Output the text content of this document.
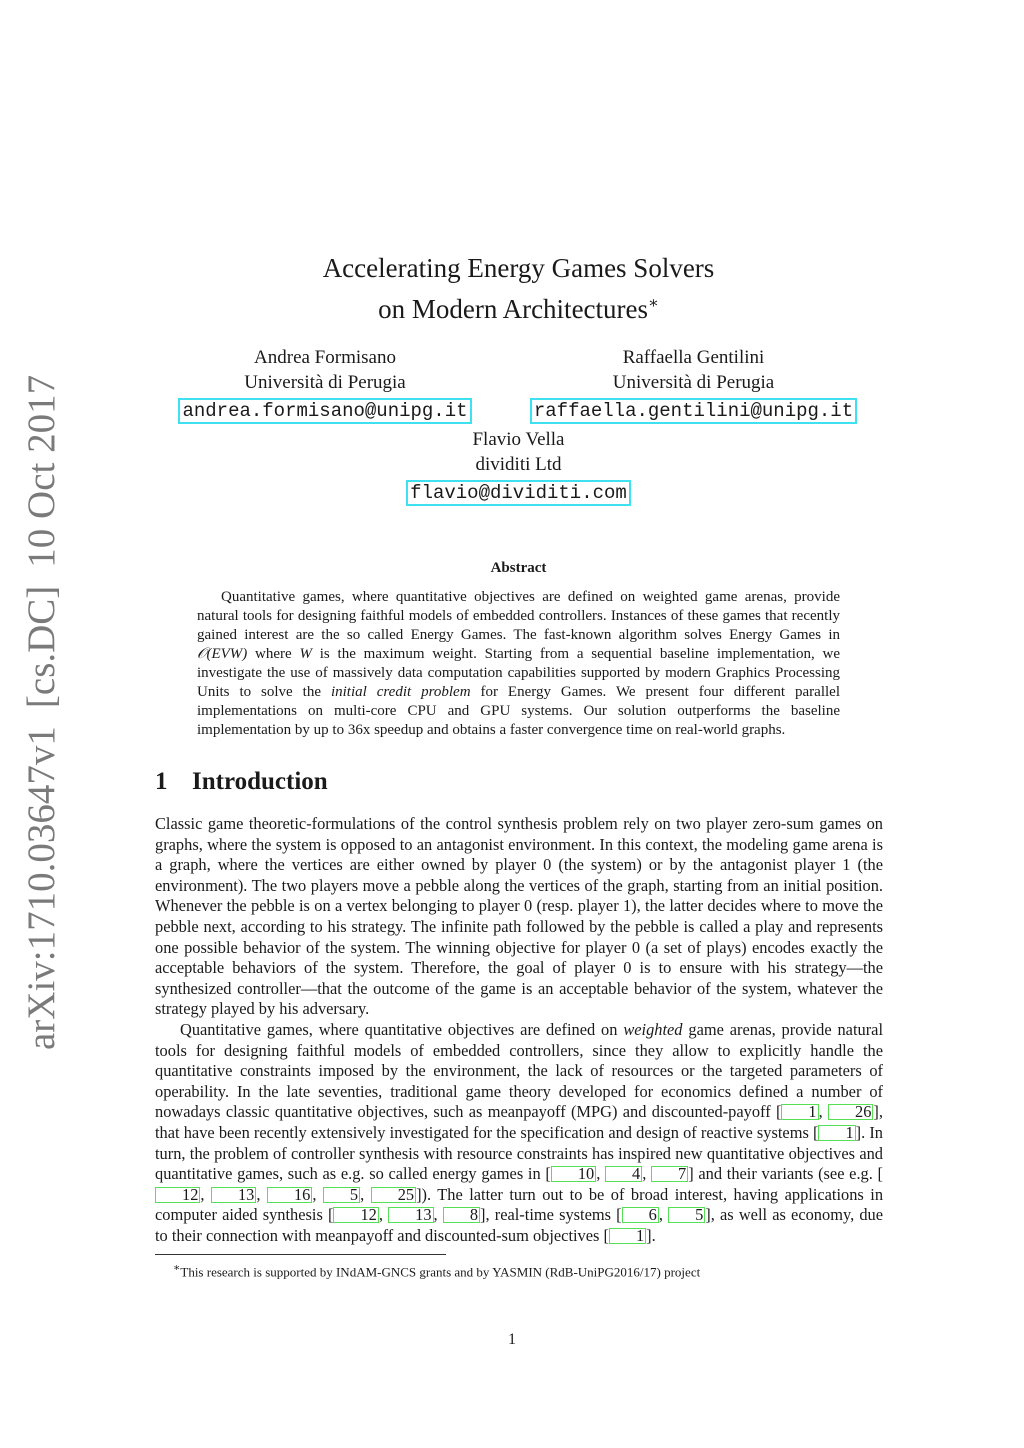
arXiv:1710.03647v1[cs.DC]10 Oct 2017
Accelerating Energy Games Solvers
on Modern Architectures∗
Andrea Formisano
Università di Perugia
andrea.formisano@unipg.it
Raffaella Gentilini
Università di Perugia
raffaella.gentilini@unipg.it
Flavio Vella
dividiti Ltd
flavio@dividiti.com
Abstract

Quantitative games, where quantitative objectives are defined on weighted game arenas, provide natural tools for designing faithful models of embedded controllers. Instances of these games that recently gained interest are the so called Energy Games. The fast-known algorithm solves Energy Games in 𝒪(EVW) where W is the maximum weight. Starting from a sequential baseline implementation, we investigate the use of massively data computation capabilities supported by modern Graphics Processing Units to solve the initial credit problem for Energy Games. We present four different parallel implementations on multi-core CPU and GPU systems. Our solution outperforms the baseline implementation by up to 36x speedup and obtains a faster convergence time on real-world graphs.

1 Introduction

Classic game theoretic-formulations of the control synthesis problem rely on two player zero-sum games on graphs, where the system is opposed to an antagonist environment. In this context, the modeling game arena is a graph, where the vertices are either owned by player 0 (the system) or by the antagonist player 1 (the environment). The two players move a pebble along the vertices of the graph, starting from an initial position. Whenever the pebble is on a vertex belonging to player 0 (resp. player 1), the latter decides where to move the pebble next, according to his strategy. The infinite path followed by the pebble is called a play and represents one possible behavior of the system. The winning objective for player 0 (a set of plays) encodes exactly the acceptable behaviors of the system. Therefore, the goal of player 0 is to ensure with his strategy—the synthesized controller—that the outcome of the game is an acceptable behavior of the system, whatever the strategy played by his adversary.

Quantitative games, where quantitative objectives are defined on weighted game arenas, provide natural tools for designing faithful models of embedded controllers, since they allow to explicitly handle the quantitative constraints imposed by the environment, the lack of resources or the targeted parameters of operability. In the late seventies, traditional game theory developed for economics defined a number of nowadays classic quantitative objectives, such as meanpayoff (MPG) and discounted-payoff [ 1 , 26 ], that have been recently extensively investigated for the specification and design of reactive systems [ 1 ]. In turn, the problem of controller synthesis with resource constraints has inspired new quantitative objectives and quantitative games, such as e.g. so called energy games in [ 10 , 4 , 7 ] and their variants (see e.g. [12 , 13 , 16 , 5 , 25 ]). The latter turn out to be of broad interest, having applications in computer aided synthesis [ 12 , 13 , 8 ], real-time systems [ 6 , 5 ], as well as economy, due to their connection with meanpayoff and discounted-sum objectives [ 1 ].

∗This research is supported by INdAM-GNCS grants and by YASMIN (RdB-UniPG2016/17) project
1
